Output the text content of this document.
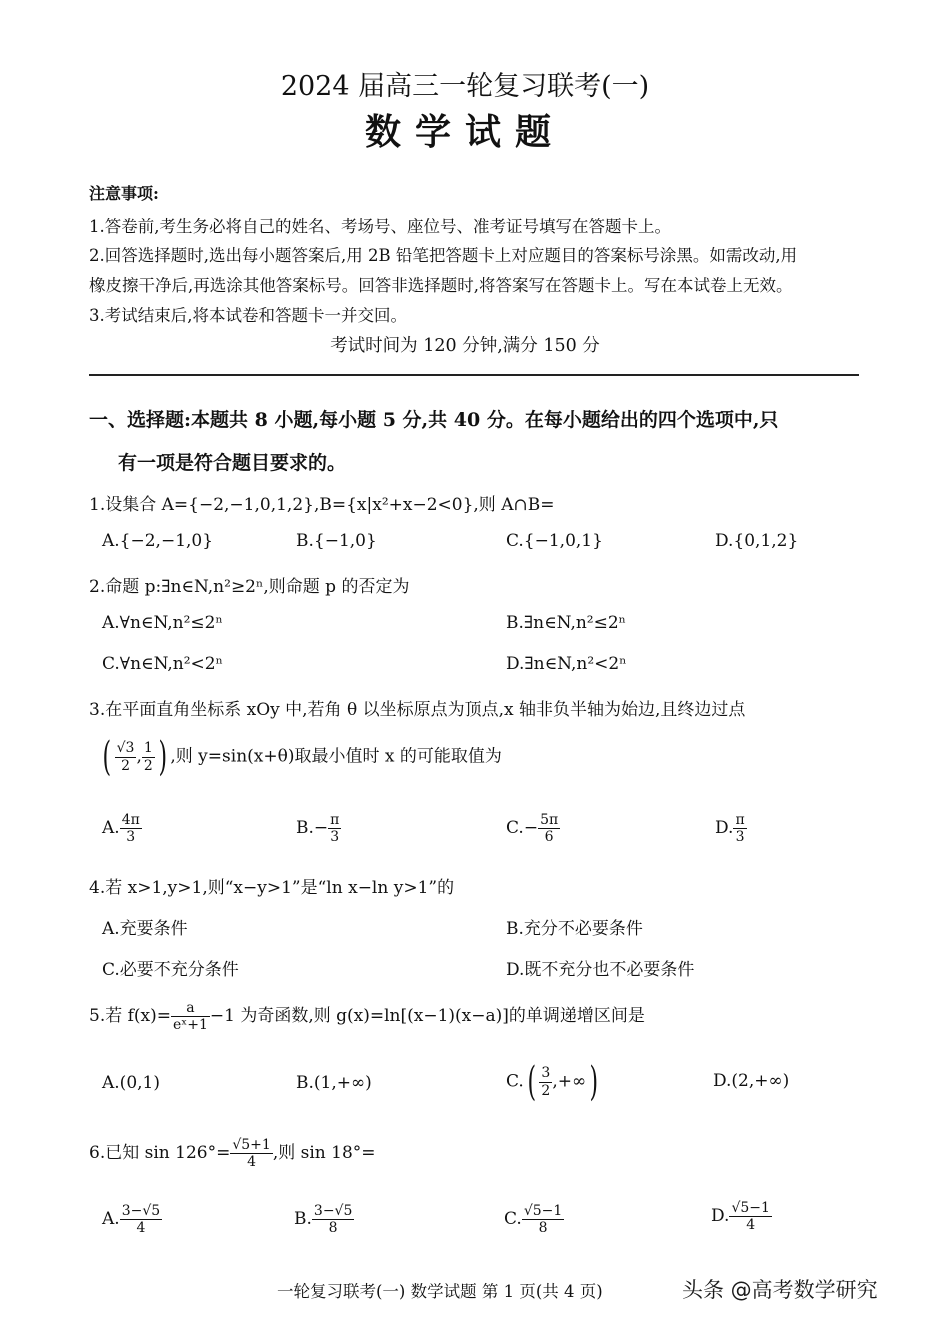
2024 届高三一轮复习联考(一)
数学试题
注意事项:
1.答卷前,考生务必将自己的姓名、考场号、座位号、准考证号填写在答题卡上。
2.回答选择题时,选出每小题答案后,用 2B 铅笔把答题卡上对应题目的答案标号涂黑。如需改动,用
橡皮擦干净后,再选涂其他答案标号。回答非选择题时,将答案写在答题卡上。写在本试卷上无效。
3.考试结束后,将本试卷和答题卡一并交回。
考试时间为 120 分钟,满分 150 分
一、选择题:本题共 8 小题,每小题 5 分,共 40 分。在每小题给出的四个选项中,只
有一项是符合题目要求的。
1.设集合 A={−2,−1,0,1,2},B={x|x²+x−2<0},则 A∩B=
A.{−2,−1,0}	B.{−1,0}	C.{−1,0,1}	D.{0,1,2}
2.命题 p:∃n∈N,n²≥2ⁿ,则命题 p 的否定为
A.∀n∈N,n²≤2ⁿ	B.∃n∈N,n²≤2ⁿ
C.∀n∈N,n²<2ⁿ	D.∃n∈N,n²<2ⁿ
3.在平面直角坐标系 xOy 中,若角 θ 以坐标原点为顶点,x 轴非负半轴为始边,且终边过点
( $\frac{√3}{2}$ , $\frac{1}{2}$ ) ,则 y=sin(x+θ)取最小值时 x 的可能取值为
A. $\frac{4\pi}{3}$	$B.- \frac{\pi}{3}$	$C.- \frac{5\pi}{6}$	D. $\frac{\pi}{3}$
4.若 x>1,y>1,则“x−y>1”是“ln x−ln y>1”的
A.充要条件	B.充分不必要条件
C.必要不充分条件	D.既不充分也不必要条件
5.若 $f(x)= \frac{a}{\text{eˣ+1}} -1$ 为奇函数,则 g(x)=ln[(x−1)(x−a)]的单调递增区间是
A.(0,1)	B.(1,+∞)	$C.( \frac{3}{2}$ ,+∞)	D.(2,+∞)
6.已知 $\sin 126^\circ= \frac{√5+1}{4}$ ,则 sin 18°=
A. $\frac{3-√5}{4}$	B. $\frac{3-√5}{8}$	C. $\frac{√5-1}{8}$	D. $\frac{√5-1}{4}$
一轮复习联考(一) 数学试题 第 1 页(共 4 页)	头条 @高考数学研究
